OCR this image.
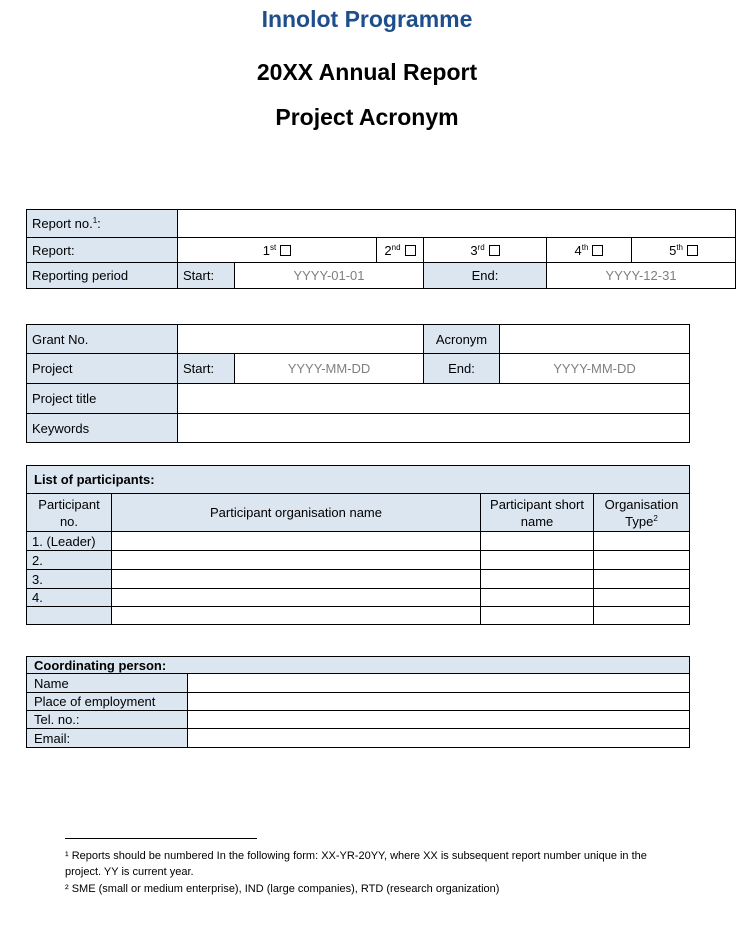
Innolot Programme
20XX Annual Report
Project Acronym
Report no.$^1$:						
Report:	1st		2nd	3rd	4th	5th
Reporting period	Start:	YYYY-01-01		End:	YYYY-12-31	
Grant No.			Acronym	
Project	Start:	YYYY-MM-DD	End:	YYYY-MM-DD
Project title				
Keywords				
List of participants:			
Participant no.	Participant organisation name	Participant short name	Organisation Type$^2$
1. (Leader)			
2.			
3.			
4.			

Coordinating person:	
Name	
Place of employment	
Tel. no.:	
Email:	
¹ Reports should be numbered In the following form: XX-YR-20YY, where XX is subsequent report number unique in the project. YY is current year.
² SME (small or medium enterprise), IND (large companies), RTD (research organization)
